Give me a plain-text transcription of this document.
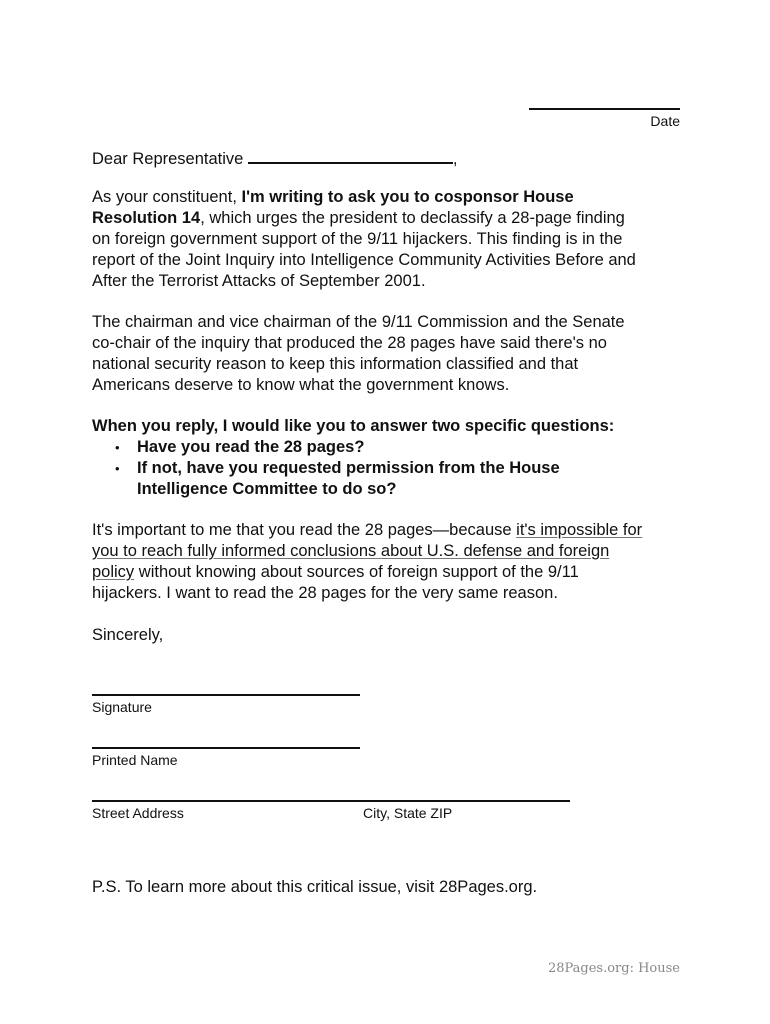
Date
Dear Representative	,
As your constituent, I'm writing to ask you to cosponsor House
Resolution 14, which urges the president to declassify a 28-page finding
on foreign government support of the 9/11 hijackers. This finding is in the
report of the Joint Inquiry into Intelligence Community Activities Before and
After the Terrorist Attacks of September 2001.
The chairman and vice chairman of the 9/11 Commission and the Senate
co-chair of the inquiry that produced the 28 pages have said there's no
national security reason to keep this information classified and that
Americans deserve to know what the government knows.
When you reply, I would like you to answer two specific questions:
• Have you read the 28 pages?
• If not, have you requested permission from the House
Intelligence Committee to do so?
It's important to me that you read the 28 pages—because it's impossible for
you to reach fully informed conclusions about U.S. defense and foreign
policy without knowing about sources of foreign support of the 9/11
hijackers. I want to read the 28 pages for the very same reason.
Sincerely,
Signature
Printed Name
Street Address	City, State ZIP
P.S. To learn more about this critical issue, visit 28Pages.org.
28Pages.org: House
